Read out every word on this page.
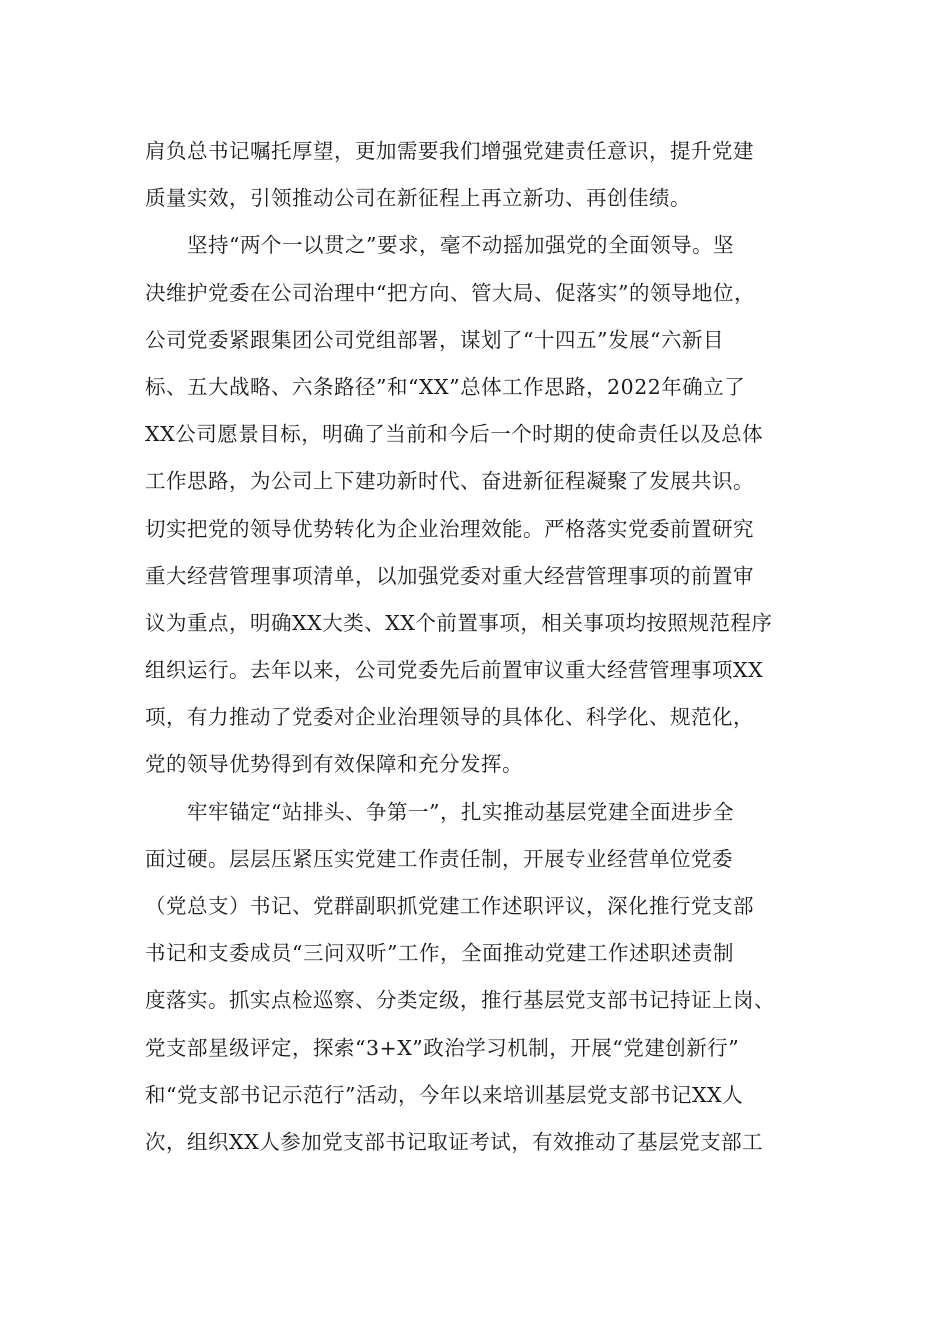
肩负总书记嘱托厚望，更加需要我们增强党建责任意识，提升党建
质量实效，引领推动公司在新征程上再立新功、再创佳绩。
　　坚持“两个一以贯之”要求，毫不动摇加强党的全面领导。坚
决维护党委在公司治理中“把方向、管大局、促落实”的领导地位，
公司党委紧跟集团公司党组部署，谋划了“十四五”发展“六新目
标、五大战略、六条路径”和“XX”总体工作思路，2022年确立了
XX公司愿景目标，明确了当前和今后一个时期的使命责任以及总体
工作思路，为公司上下建功新时代、奋进新征程凝聚了发展共识。
切实把党的领导优势转化为企业治理效能。严格落实党委前置研究
重大经营管理事项清单，以加强党委对重大经营管理事项的前置审
议为重点，明确XX大类、XX个前置事项，相关事项均按照规范程序
组织运行。去年以来，公司党委先后前置审议重大经营管理事项XX
项，有力推动了党委对企业治理领导的具体化、科学化、规范化，
党的领导优势得到有效保障和充分发挥。
　　牢牢锚定“站排头、争第一”，扎实推动基层党建全面进步全
面过硬。层层压紧压实党建工作责任制，开展专业经营单位党委
（党总支）书记、党群副职抓党建工作述职评议，深化推行党支部
书记和支委成员“三问双听”工作，全面推动党建工作述职述责制
度落实。抓实点检巡察、分类定级，推行基层党支部书记持证上岗、
党支部星级评定，探索“3+X”政治学习机制，开展“党建创新行”
和“党支部书记示范行”活动，今年以来培训基层党支部书记XX人
次，组织XX人参加党支部书记取证考试，有效推动了基层党支部工
